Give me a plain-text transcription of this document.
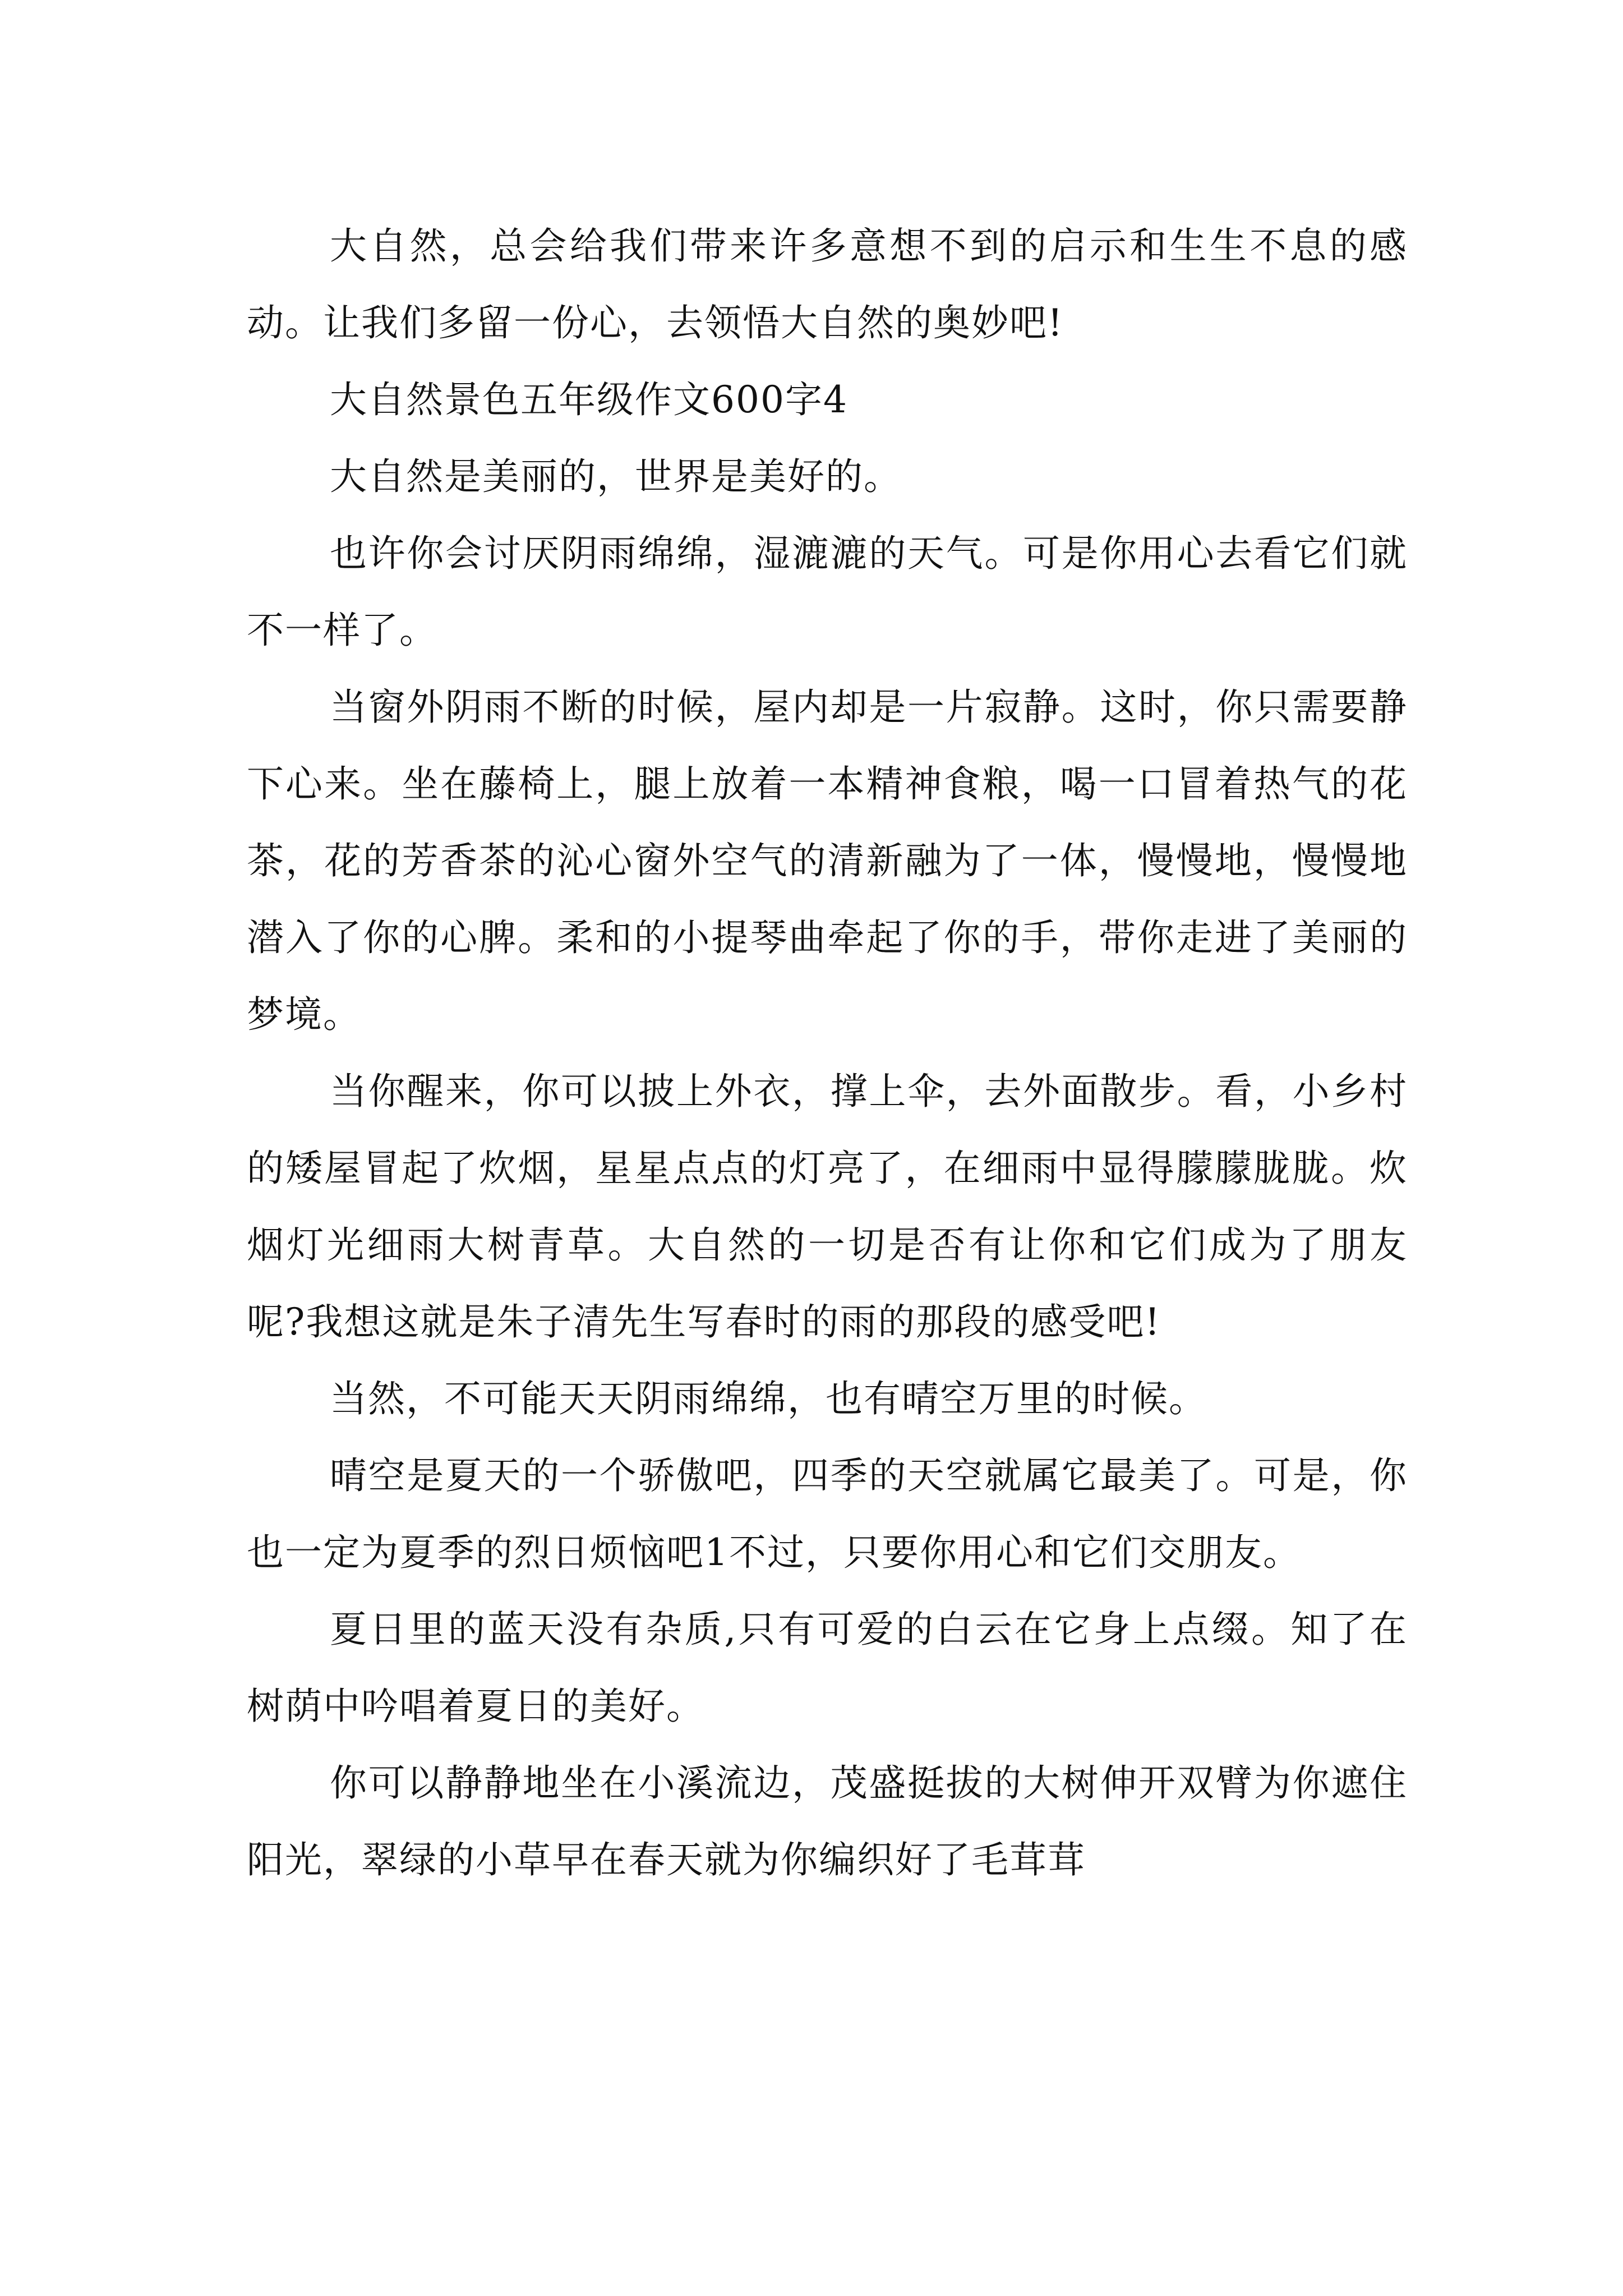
大自然，总会给我们带来许多意想不到的启示和生生不息的感动。让我们多留一份心，去领悟大自然的奥妙吧!

大自然景色五年级作文600字4

大自然是美丽的，世界是美好的。

也许你会讨厌阴雨绵绵，湿漉漉的天气。可是你用心去看它们就不一样了。

当窗外阴雨不断的时候，屋内却是一片寂静。这时，你只需要静下心来。坐在藤椅上，腿上放着一本精神食粮，喝一口冒着热气的花茶，花的芳香茶的沁心窗外空气的清新融为了一体，慢慢地，慢慢地潜入了你的心脾。柔和的小提琴曲牵起了你的手，带你走进了美丽的梦境。

当你醒来，你可以披上外衣，撑上伞，去外面散步。看，小乡村的矮屋冒起了炊烟，星星点点的灯亮了，在细雨中显得朦朦胧胧。炊烟灯光细雨大树青草。大自然的一切是否有让你和它们成为了朋友呢?我想这就是朱子清先生写春时的雨的那段的感受吧!

当然，不可能天天阴雨绵绵，也有晴空万里的时候。

晴空是夏天的一个骄傲吧，四季的天空就属它最美了。可是，你也一定为夏季的烈日烦恼吧1不过，只要你用心和它们交朋友。

夏日里的蓝天没有杂质,只有可爱的白云在它身上点缀。知了在树荫中吟唱着夏日的美好。

你可以静静地坐在小溪流边，茂盛挺拔的大树伸开双臂为你遮住阳光，翠绿的小草早在春天就为你编织好了毛茸茸
